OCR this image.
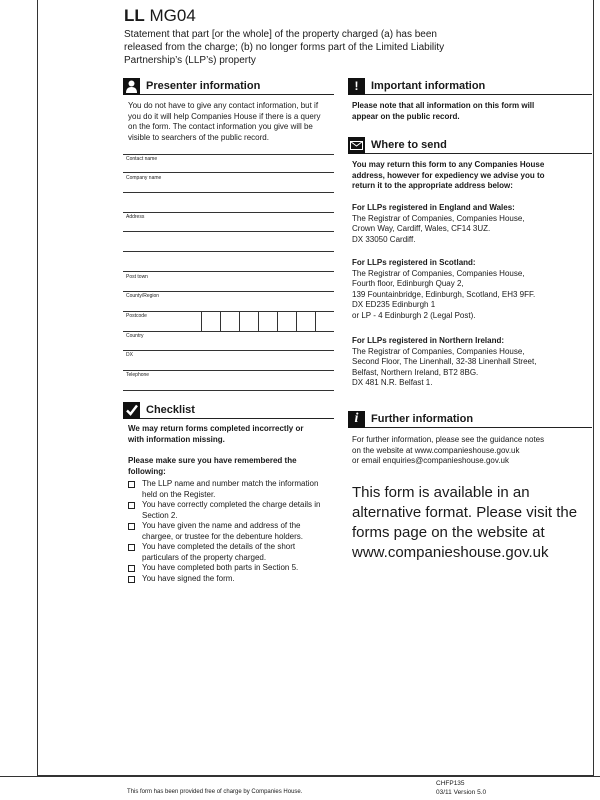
LL MG04
Statement that part [or the whole] of the property charged (a) has been
released from the charge; (b) no longer forms part of the Limited Liability
Partnership’s (LLP’s) property
Presenter information
You do not have to give any contact information, but if
you do it will help Companies House if there is a query
on the form. The contact information you give will be
visible to searchers of the public record.
Contact name
Company name
Address
Post town
County/Region
Postcode
Country
DX
Telephone
Checklist
We may return forms completed incorrectly or
with information missing.
Please make sure you have remembered the
following:
The LLP name and number match the information
held on the Register.
You have correctly completed the charge details in
Section 2.
You have given the name and address of the
chargee, or trustee for the debenture holders.
You have completed the details of the short
particulars of the property charged.
You have completed both parts in Section 5.
You have signed the form.
!	Important information
Please note that all information on this form will
appear on the public record.
Where to send
You may return this form to any Companies House
address, however for expediency we advise you to
return it to the appropriate address below:
For LLPs registered in England and Wales:
The Registrar of Companies, Companies House,
Crown Way, Cardiff, Wales, CF14 3UZ.
DX 33050 Cardiff.
For LLPs registered in Scotland:
The Registrar of Companies, Companies House,
Fourth floor, Edinburgh Quay 2,
139 Fountainbridge, Edinburgh, Scotland, EH3 9FF.
DX ED235 Edinburgh 1
or LP - 4 Edinburgh 2 (Legal Post).
For LLPs registered in Northern Ireland:
The Registrar of Companies, Companies House,
Second Floor, The Linenhall, 32-38 Linenhall Street,
Belfast, Northern Ireland, BT2 8BG.
DX 481 N.R. Belfast 1.
i	Further information
For further information, please see the guidance notes
on the website at www.companieshouse.gov.uk
or email enquiries@companieshouse.gov.uk
This form is available in an
alternative format. Please visit the
forms page on the website at
www.companieshouse.gov.uk
This form has been provided free of charge by Companies House.
CHFP135
03/11 Version 5.0
